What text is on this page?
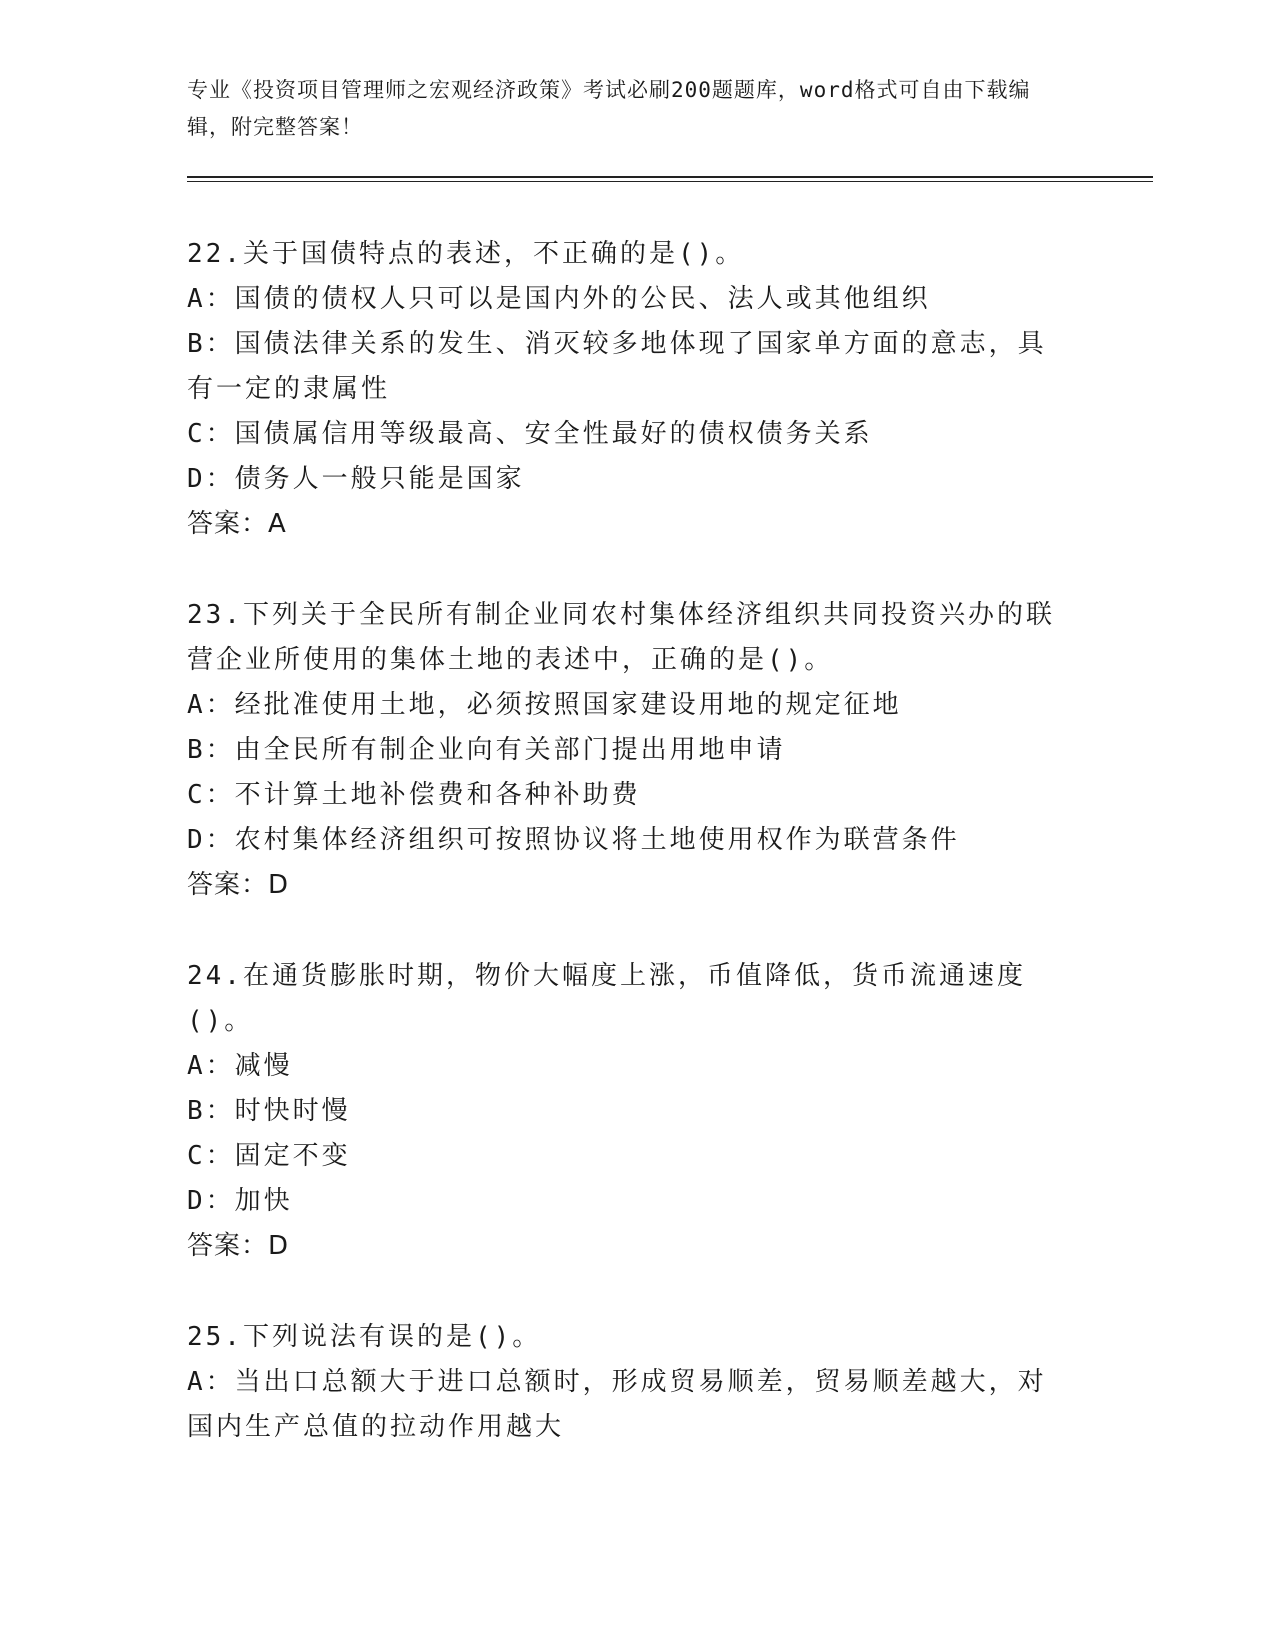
专业《投资项目管理师之宏观经济政策》考试必刷200题题库，word格式可自由下载编辑，附完整答案！
22.关于国债特点的表述，不正确的是()。
A：国债的债权人只可以是国内外的公民、法人或其他组织
B：国债法律关系的发生、消灭较多地体现了国家单方面的意志，具有一定的隶属性
C：国债属信用等级最高、安全性最好的债权债务关系
D：债务人一般只能是国家
答案：A
23.下列关于全民所有制企业同农村集体经济组织共同投资兴办的联营企业所使用的集体土地的表述中，正确的是()。
A：经批准使用土地，必须按照国家建设用地的规定征地
B：由全民所有制企业向有关部门提出用地申请
C：不计算土地补偿费和各种补助费
D：农村集体经济组织可按照协议将土地使用权作为联营条件
答案：D
24.在通货膨胀时期，物价大幅度上涨，币值降低，货币流通速度()。
A：减慢
B：时快时慢
C：固定不变
D：加快
答案：D
25.下列说法有误的是()。
A：当出口总额大于进口总额时，形成贸易顺差，贸易顺差越大，对国内生产总值的拉动作用越大
